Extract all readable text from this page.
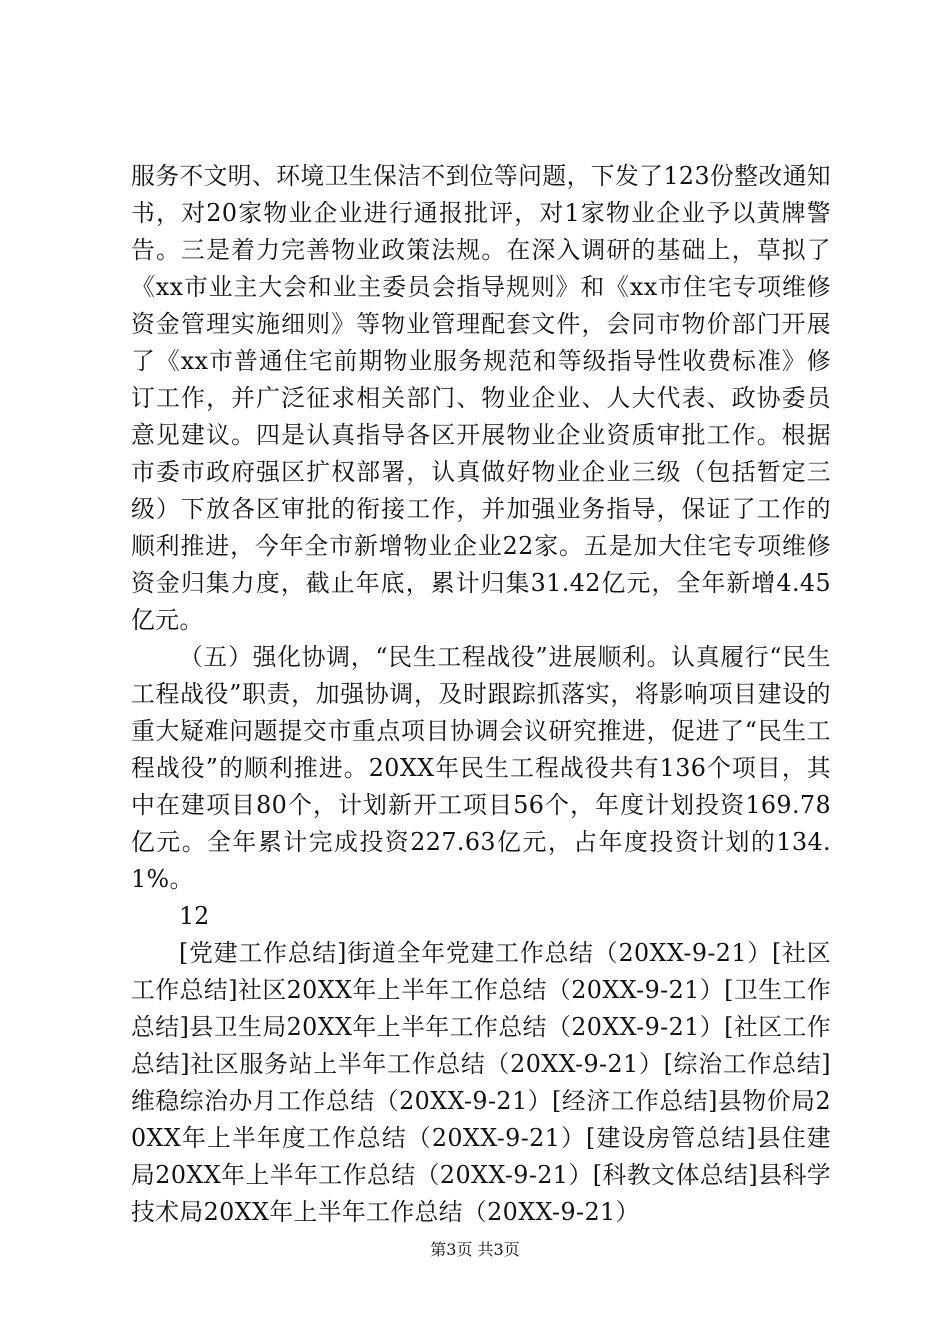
服务不文明、环境卫生保洁不到位等问题，下发了123份整改通知书，对20家物业企业进行通报批评，对1家物业企业予以黄牌警告。三是着力完善物业政策法规。在深入调研的基础上，草拟了《xx市业主大会和业主委员会指导规则》和《xx市住宅专项维修资金管理实施细则》等物业管理配套文件，会同市物价部门开展了《xx市普通住宅前期物业服务规范和等级指导性收费标准》修订工作，并广泛征求相关部门、物业企业、人大代表、政协委员意见建议。四是认真指导各区开展物业企业资质审批工作。根据市委市政府强区扩权部署，认真做好物业企业三级（包括暂定三级）下放各区审批的衔接工作，并加强业务指导，保证了工作的顺利推进，今年全市新增物业企业22家。五是加大住宅专项维修资金归集力度，截止年底，累计归集31.42亿元，全年新增4.45亿元。

（五）强化协调，“民生工程战役”进展顺利。认真履行“民生工程战役”职责，加强协调，及时跟踪抓落实，将影响项目建设的重大疑难问题提交市重点项目协调会议研究推进，促进了“民生工程战役”的顺利推进。20XX年民生工程战役共有136个项目，其中在建项目80个，计划新开工项目56个，年度计划投资169.78亿元。全年累计完成投资227.63亿元，占年度投资计划的134.1%。

12

[党建工作总结]街道全年党建工作总结（20XX-9-21）[社区工作总结]社区20XX年上半年工作总结（20XX-9-21）[卫生工作总结]县卫生局20XX年上半年工作总结（20XX-9-21）[社区工作总结]社区服务站上半年工作总结（20XX-9-21）[综治工作总结]维稳综治办月工作总结（20XX-9-21）[经济工作总结]县物价局20XX年上半年度工作总结（20XX-9-21）[建设房管总结]县住建局20XX年上半年工作总结（20XX-9-21）[科教文体总结]县科学技术局20XX年上半年工作总结（20XX-9-21）

第3页 共3页
